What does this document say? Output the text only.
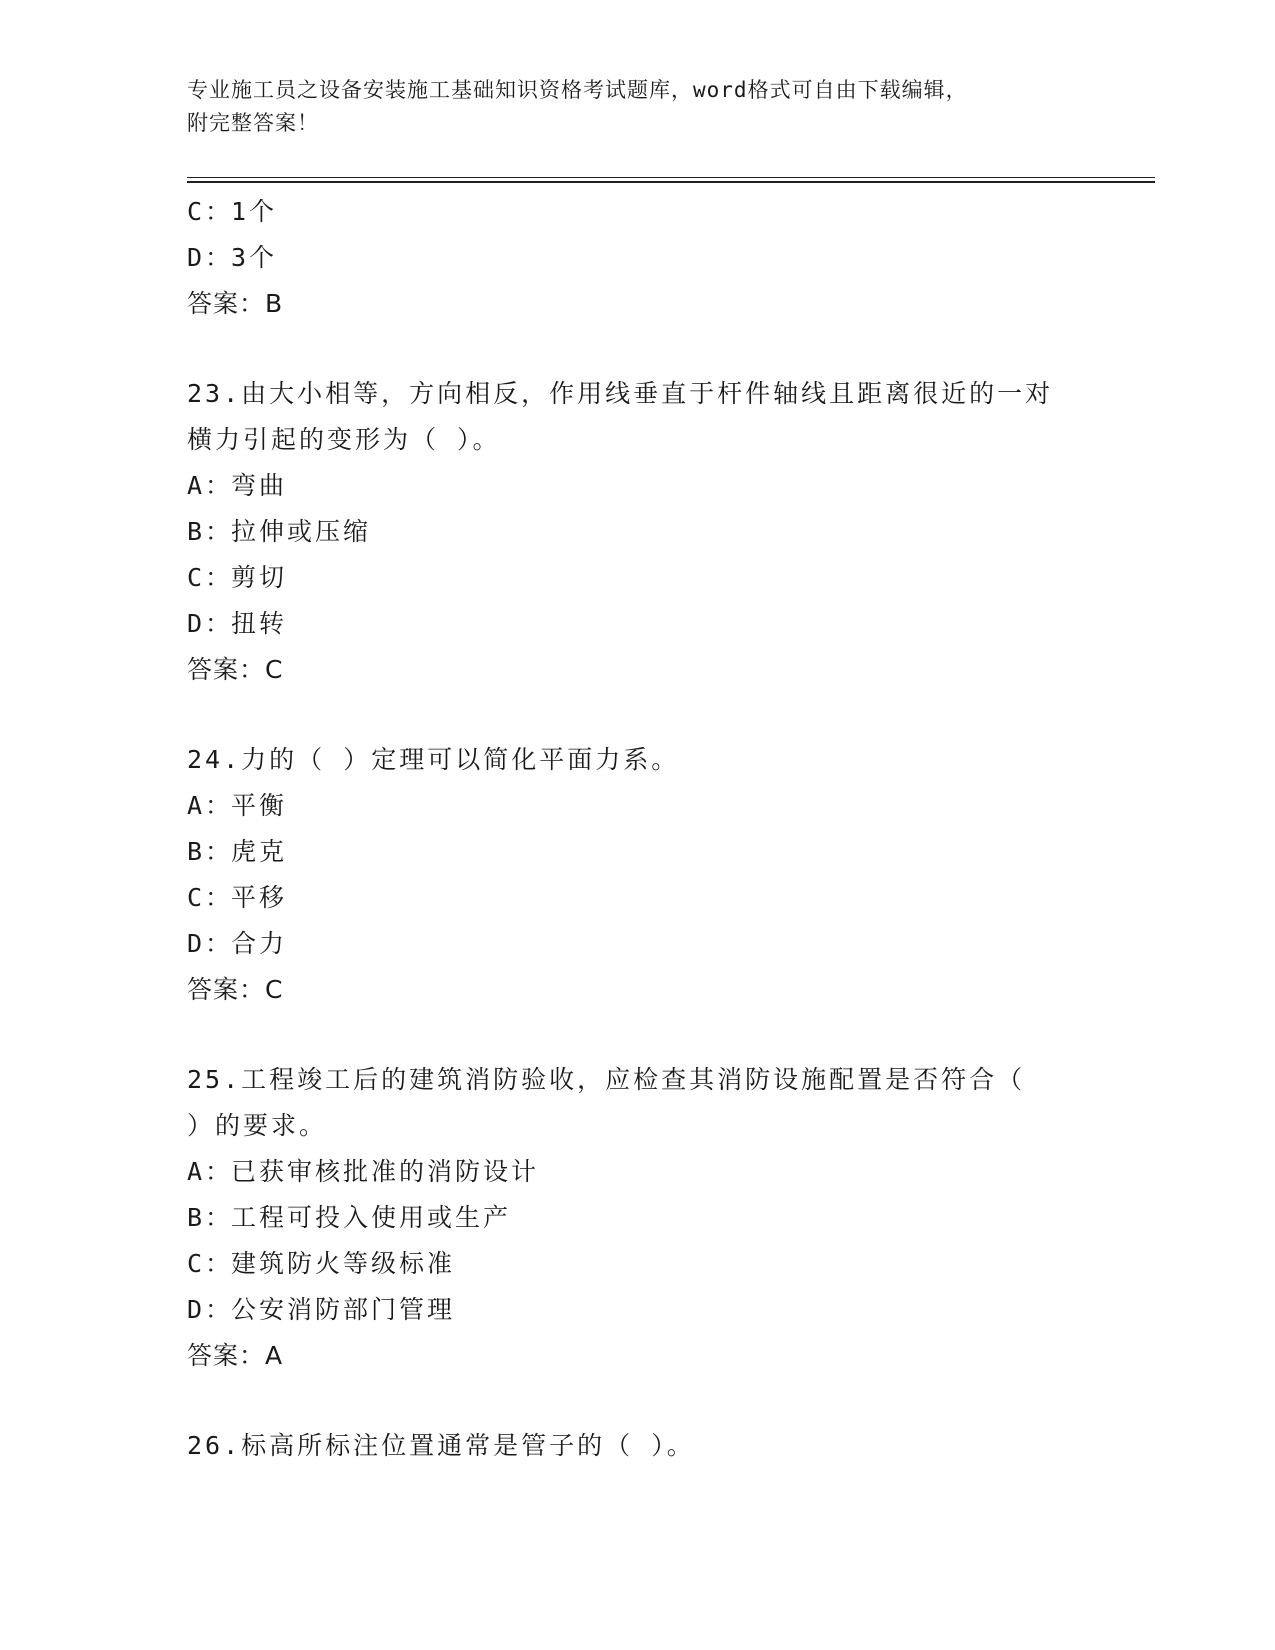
专业施工员之设备安装施工基础知识资格考试题库，word格式可自由下载编辑，
附完整答案！
C：1个
D：3个
答案：B
23.由大小相等，方向相反，作用线垂直于杆件轴线且距离很近的一对
横力引起的变形为（ ）。
A：弯曲
B：拉伸或压缩
C：剪切
D：扭转
答案：C
24.力的（ ）定理可以简化平面力系。
A：平衡
B：虎克
C：平移
D：合力
答案：C
25.工程竣工后的建筑消防验收，应检查其消防设施配置是否符合（
）的要求。
A：已获审核批准的消防设计
B：工程可投入使用或生产
C：建筑防火等级标准
D：公安消防部门管理
答案：A
26.标高所标注位置通常是管子的（ ）。
